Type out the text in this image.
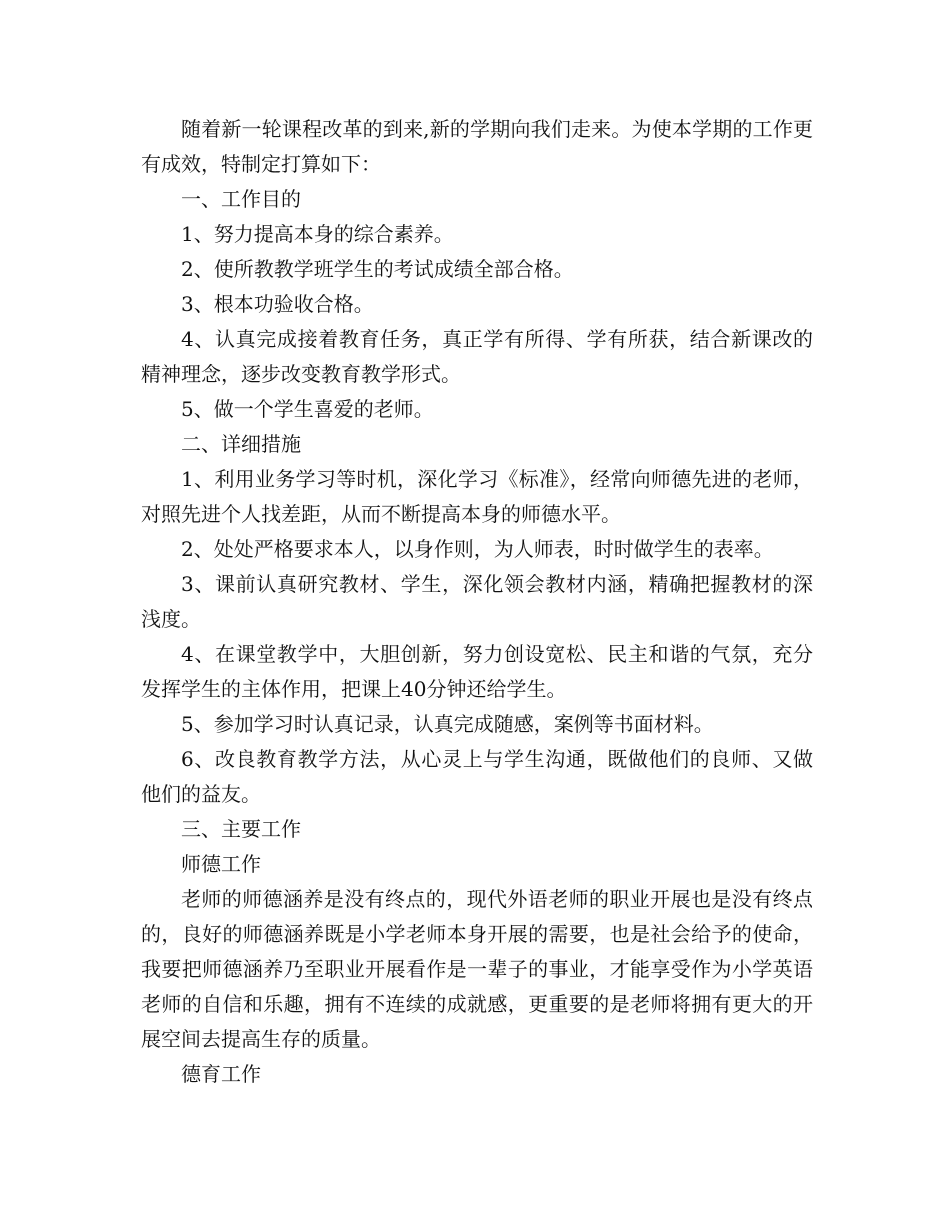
随着新一轮课程改革的到来,新的学期向我们走来。为使本学期的工作更有成效，特制定打算如下：

一、工作目的

1、努力提高本身的综合素养。

2、使所教教学班学生的考试成绩全部合格。

3、根本功验收合格。

4、认真完成接着教育任务，真正学有所得、学有所获，结合新课改的精神理念，逐步改变教育教学形式。

5、做一个学生喜爱的老师。

二、详细措施

1、利用业务学习等时机，深化学习《标准》，经常向师德先进的老师，对照先进个人找差距，从而不断提高本身的师德水平。

2、处处严格要求本人，以身作则，为人师表，时时做学生的表率。

3、课前认真研究教材、学生，深化领会教材内涵，精确把握教材的深浅度。

4、在课堂教学中，大胆创新，努力创设宽松、民主和谐的气氛，充分发挥学生的主体作用，把课上40分钟还给学生。

5、参加学习时认真记录，认真完成随感，案例等书面材料。

6、改良教育教学方法，从心灵上与学生沟通，既做他们的良师、又做他们的益友。

三、主要工作

师德工作

老师的师德涵养是没有终点的，现代外语老师的职业开展也是没有终点的，良好的师德涵养既是小学老师本身开展的需要，也是社会给予的使命，我要把师德涵养乃至职业开展看作是一辈子的事业，才能享受作为小学英语老师的自信和乐趣，拥有不连续的成就感，更重要的是老师将拥有更大的开展空间去提高生存的质量。

德育工作
